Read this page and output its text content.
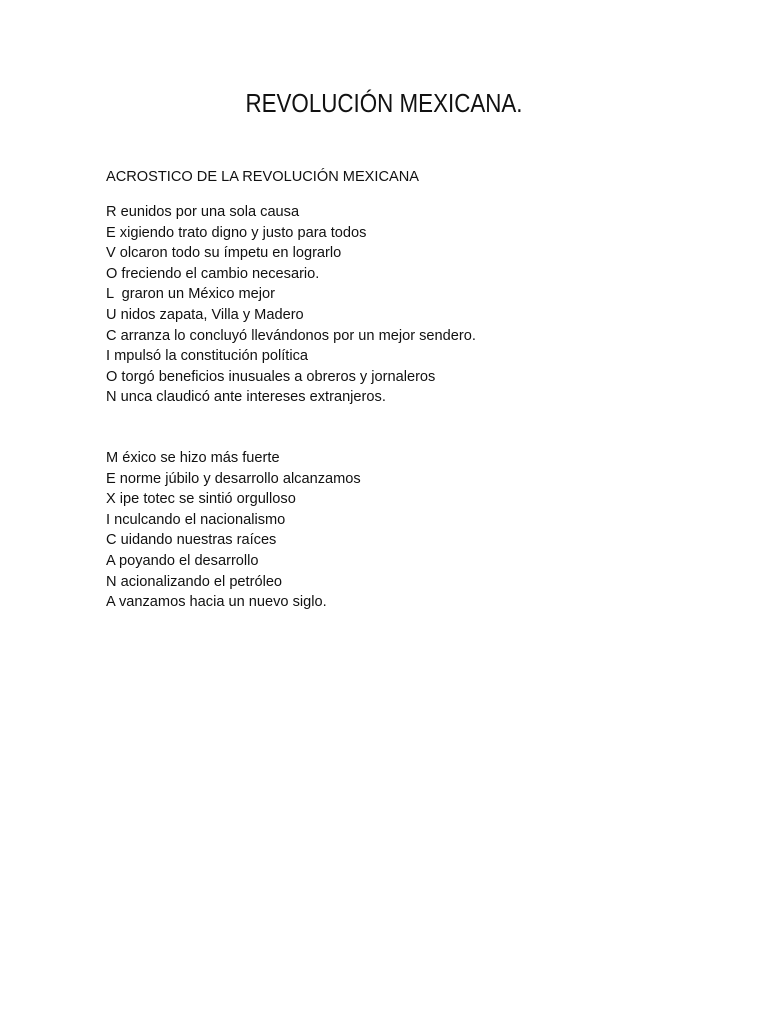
REVOLUCIÓN MEXICANA.
ACROSTICO DE LA REVOLUCIÓN MEXICANA
R eunidos por una sola causa
E xigiendo trato digno y justo para todos
V olcaron todo su ímpetu en lograrlo
O freciendo el cambio necesario.
L  graron un México mejor
U nidos zapata, Villa y Madero
C arranza lo concluyó llevándonos por un mejor sendero.
I mpulsó la constitución política
O torgó beneficios inusuales a obreros y jornaleros
N unca claudicó ante intereses extranjeros.
M éxico se hizo más fuerte
E norme júbilo y desarrollo alcanzamos
X ipe totec se sintió orgulloso
I nculcando el nacionalismo
C uidando nuestras raíces
A poyando el desarrollo
N acionalizando el petróleo
A vanzamos hacia un nuevo siglo.
